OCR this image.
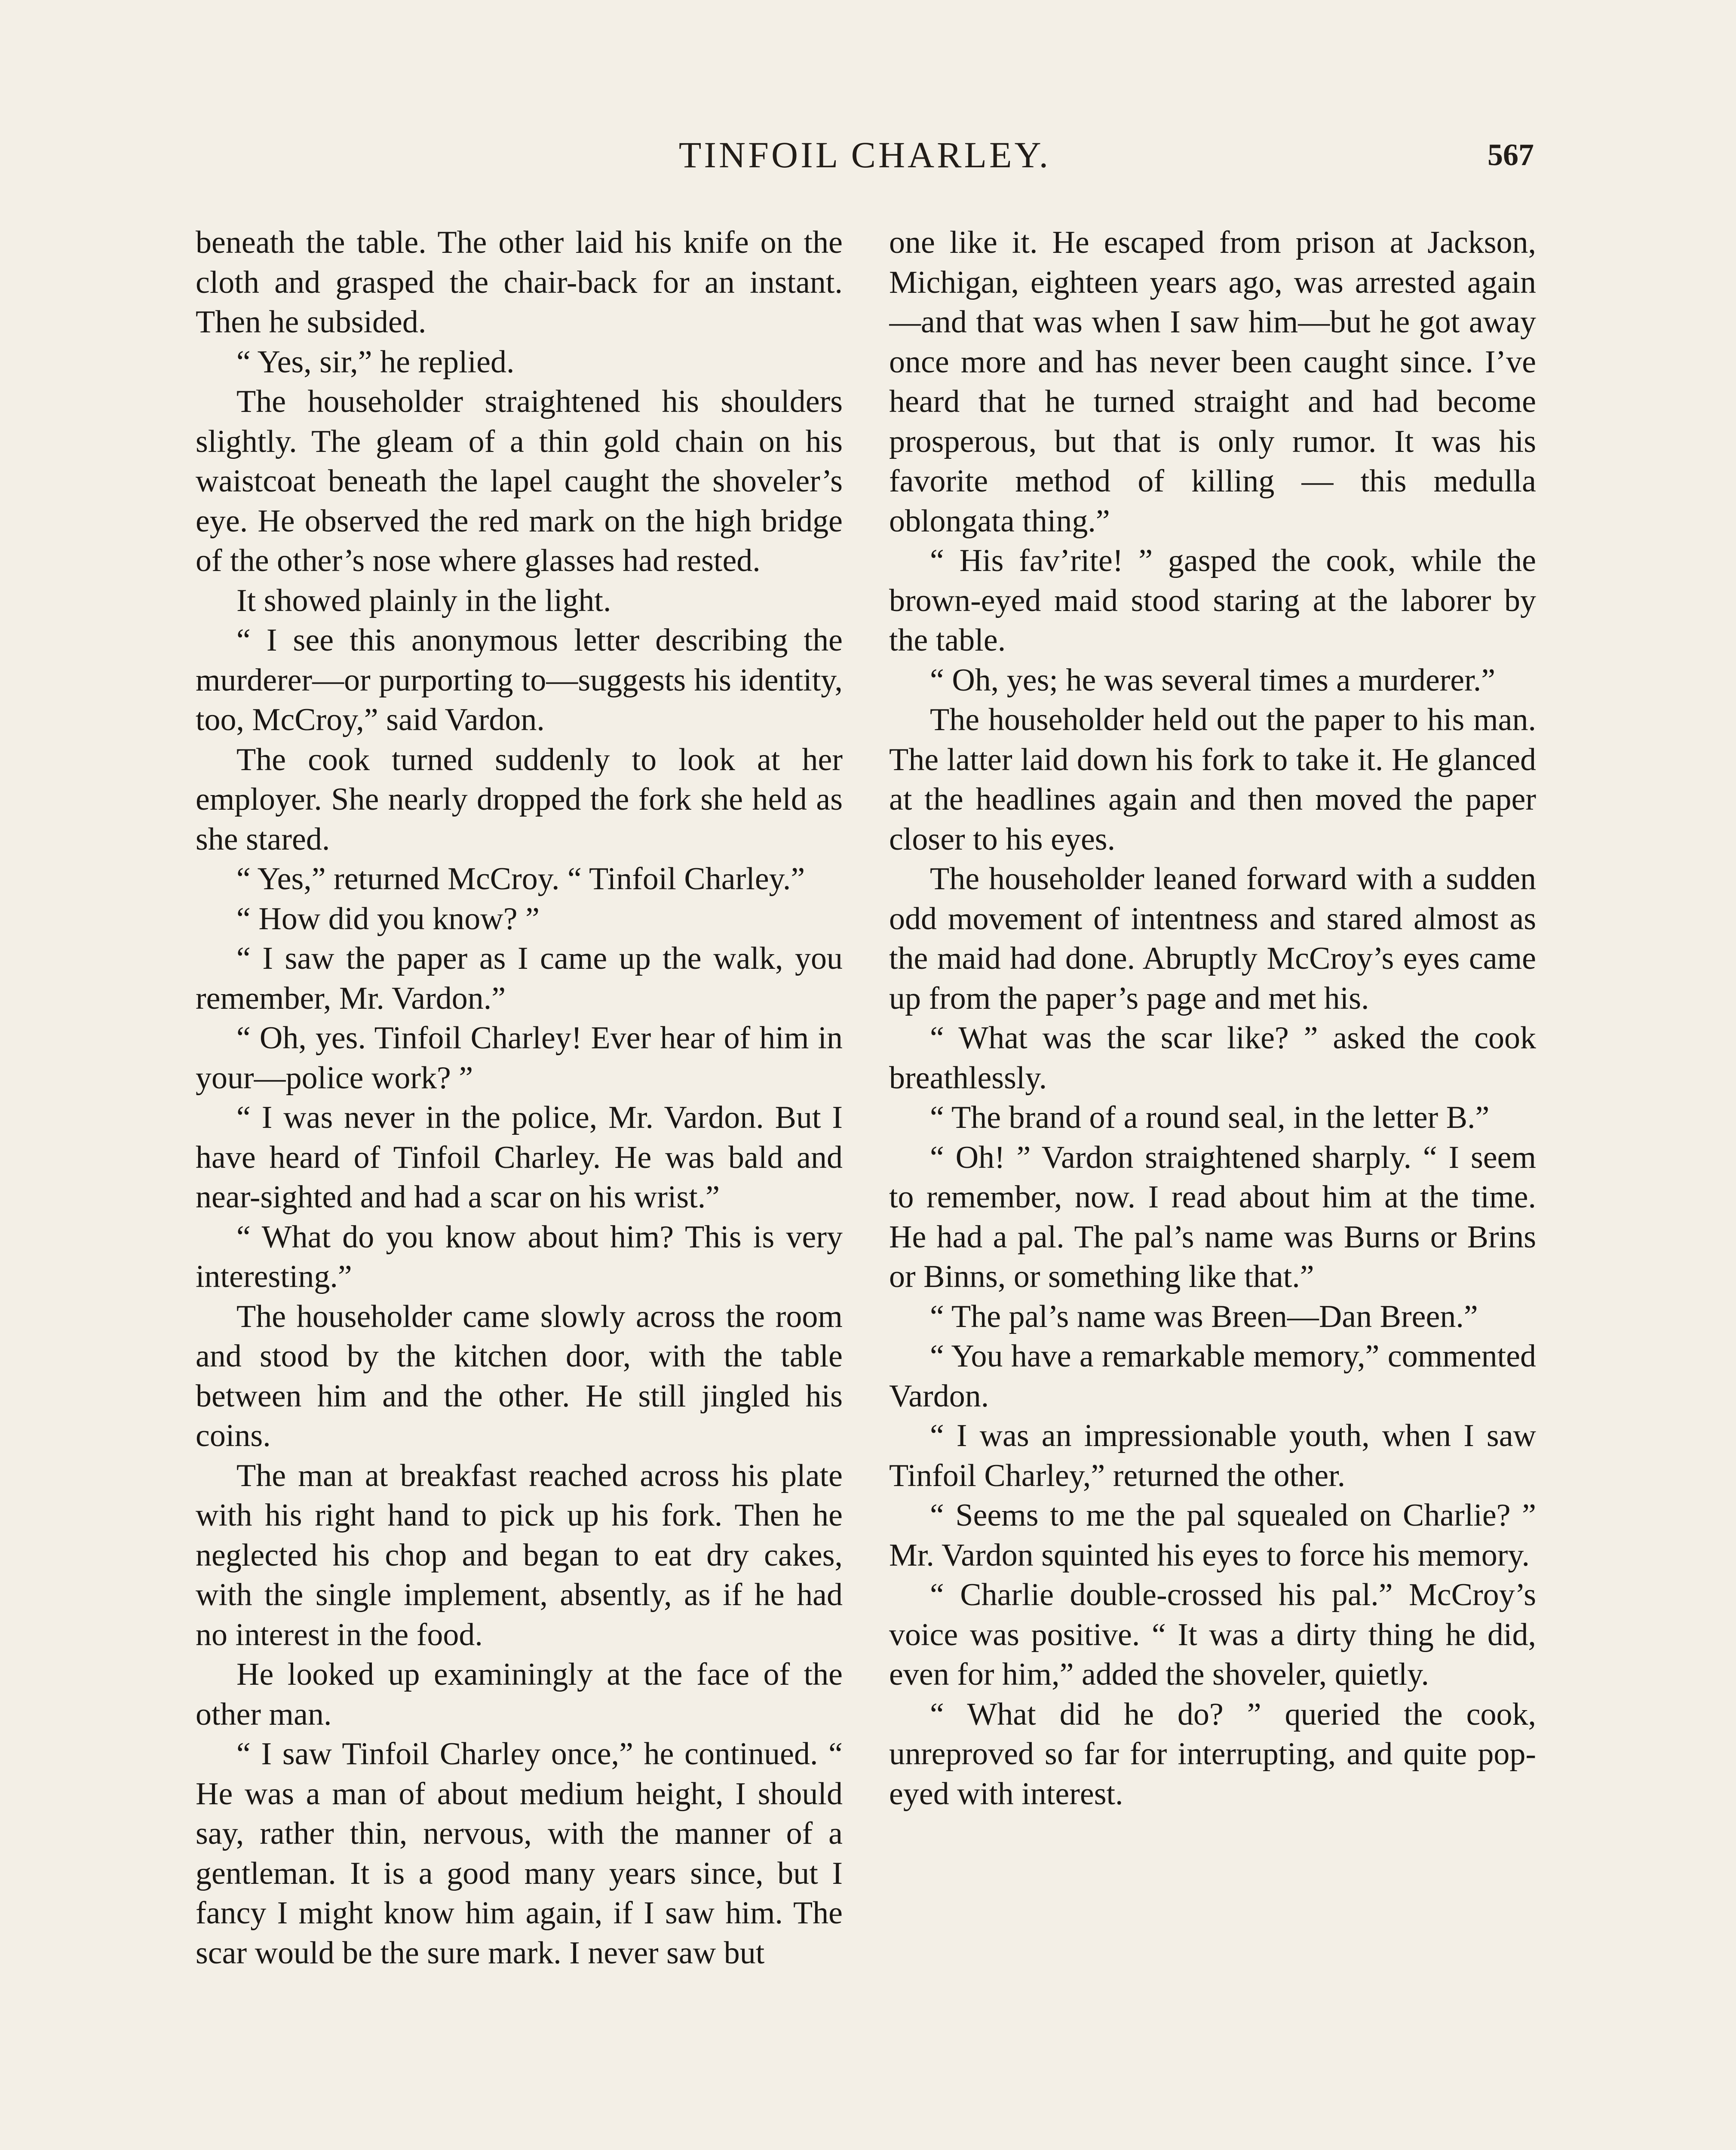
TINFOIL CHARLEY.	567

beneath the table. The other laid his knife on the cloth and grasped the chair-back for an instant. Then he subsided.

“ Yes, sir,” he replied.

The householder straightened his shoulders slightly. The gleam of a thin gold chain on his waistcoat beneath the lapel caught the shoveler’s eye. He observed the red mark on the high bridge of the other’s nose where glasses had rested.

It showed plainly in the light.

“ I see this anonymous letter describing the murderer—or purporting to—suggests his identity, too, McCroy,” said Vardon.

The cook turned suddenly to look at her employer. She nearly dropped the fork she held as she stared.

“ Yes,” returned McCroy. “ Tinfoil Charley.”

“ How did you know? ”

“ I saw the paper as I came up the walk, you remember, Mr. Vardon.”

“ Oh, yes. Tinfoil Charley! Ever hear of him in your—police work? ”

“ I was never in the police, Mr. Vardon. But I have heard of Tinfoil Charley. He was bald and near-sighted and had a scar on his wrist.”

“ What do you know about him? This is very interesting.”

The householder came slowly across the room and stood by the kitchen door, with the table between him and the other. He still jingled his coins.

The man at breakfast reached across his plate with his right hand to pick up his fork. Then he neglected his chop and began to eat dry cakes, with the single implement, absently, as if he had no interest in the food.

He looked up examiningly at the face of the other man.

“ I saw Tinfoil Charley once,” he continued. “ He was a man of about medium height, I should say, rather thin, nervous, with the manner of a gentleman. It is a good many years since, but I fancy I might know him again, if I saw him. The scar would be the sure mark. I never saw but

one like it. He escaped from prison at Jackson, Michigan, eighteen years ago, was arrested again—and that was when I saw him—but he got away once more and has never been caught since. I’ve heard that he turned straight and had become prosperous, but that is only rumor. It was his favorite method of killing — this medulla oblongata thing.”

“ His fav’rite! ” gasped the cook, while the brown-eyed maid stood staring at the laborer by the table.

“ Oh, yes; he was several times a murderer.”

The householder held out the paper to his man. The latter laid down his fork to take it. He glanced at the headlines again and then moved the paper closer to his eyes.

The householder leaned forward with a sudden odd movement of intentness and stared almost as the maid had done. Abruptly McCroy’s eyes came up from the paper’s page and met his.

“ What was the scar like? ” asked the cook breathlessly.

“ The brand of a round seal, in the letter B.”

“ Oh! ” Vardon straightened sharply. “ I seem to remember, now. I read about him at the time. He had a pal. The pal’s name was Burns or Brins or Binns, or something like that.”

“ The pal’s name was Breen—Dan Breen.”

“ You have a remarkable memory,” commented Vardon.

“ I was an impressionable youth, when I saw Tinfoil Charley,” returned the other.

“ Seems to me the pal squealed on Charlie? ” Mr. Vardon squinted his eyes to force his memory.

“ Charlie double-crossed his pal.” McCroy’s voice was positive. “ It was a dirty thing he did, even for him,” added the shoveler, quietly.

“ What did he do? ” queried the cook, unreproved so far for interrupting, and quite pop-eyed with interest.
